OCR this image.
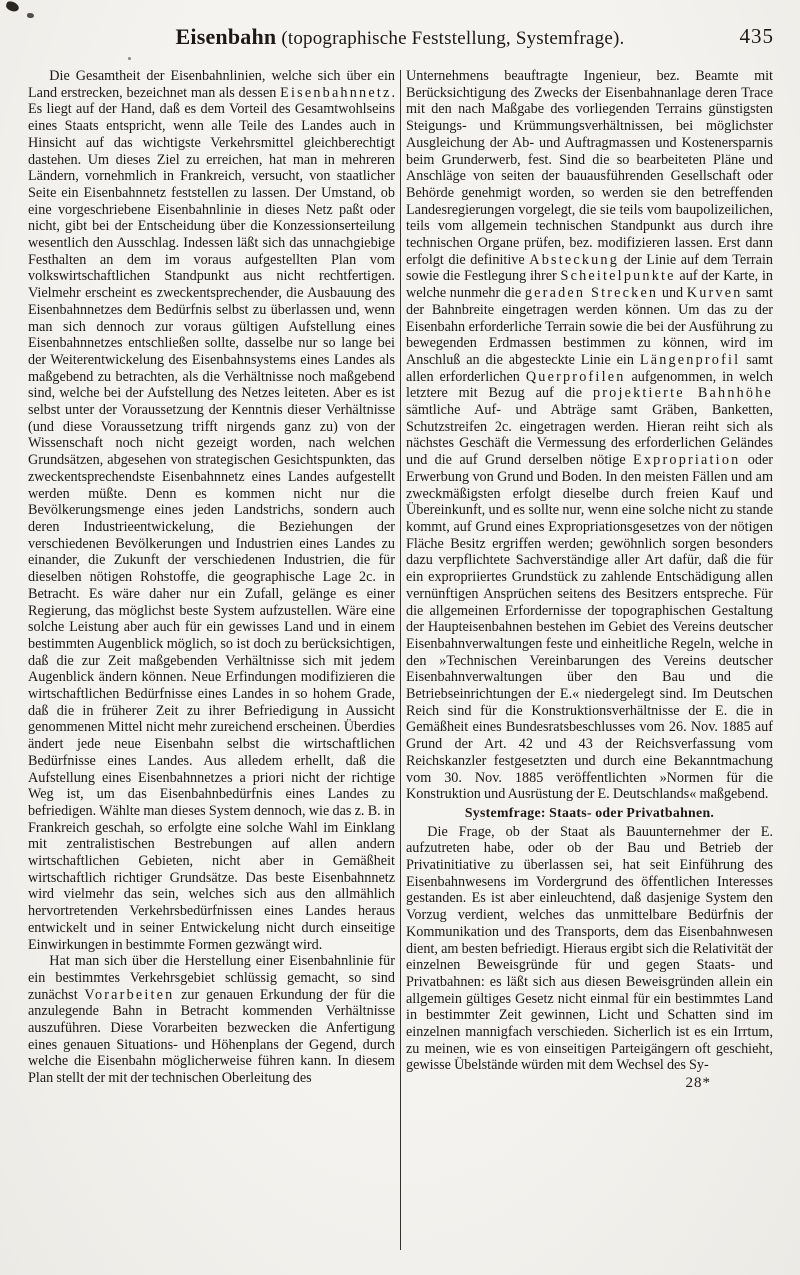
Eisenbahn (topographische Feststellung, Systemfrage).	435

Die Gesamtheit der Eisenbahnlinien, welche sich über ein Land erstrecken, bezeichnet man als dessen Eisenbahnnetz. Es liegt auf der Hand, daß es dem Vorteil des Gesamtwohlseins eines Staats entspricht, wenn alle Teile des Landes auch in Hinsicht auf das wichtigste Verkehrsmittel gleichberechtigt dastehen. Um dieses Ziel zu erreichen, hat man in mehreren Ländern, vornehmlich in Frankreich, versucht, von staatlicher Seite ein Eisenbahnnetz feststellen zu lassen. Der Umstand, ob eine vorgeschriebene Eisenbahnlinie in dieses Netz paßt oder nicht, gibt bei der Entscheidung über die Konzessionserteilung wesentlich den Ausschlag. Indessen läßt sich das unnachgiebige Festhalten an dem im voraus aufgestellten Plan vom volkswirtschaftlichen Standpunkt aus nicht rechtfertigen. Vielmehr erscheint es zweckentsprechender, die Ausbauung des Eisenbahnnetzes dem Bedürfnis selbst zu überlassen und, wenn man sich dennoch zur voraus gültigen Aufstellung eines Eisenbahnnetzes entschließen sollte, dasselbe nur so lange bei der Weiterentwickelung des Eisenbahnsystems eines Landes als maßgebend zu betrachten, als die Verhältnisse noch maßgebend sind, welche bei der Aufstellung des Netzes leiteten. Aber es ist selbst unter der Voraussetzung der Kenntnis dieser Verhältnisse (und diese Voraussetzung trifft nirgends ganz zu) von der Wissenschaft noch nicht gezeigt worden, nach welchen Grundsätzen, abgesehen von strategischen Gesichtspunkten, das zweckentsprechendste Eisenbahnnetz eines Landes aufgestellt werden müßte. Denn es kommen nicht nur die Bevölkerungsmenge eines jeden Landstrichs, sondern auch deren Industrieentwickelung, die Beziehungen der verschiedenen Bevölkerungen und Industrien eines Landes zu einander, die Zukunft der verschiedenen Industrien, die für dieselben nötigen Rohstoffe, die geographische Lage 2c. in Betracht. Es wäre daher nur ein Zufall, gelänge es einer Regierung, das möglichst beste System aufzustellen. Wäre eine solche Leistung aber auch für ein gewisses Land und in einem bestimmten Augenblick möglich, so ist doch zu berücksichtigen, daß die zur Zeit maßgebenden Verhältnisse sich mit jedem Augenblick ändern können. Neue Erfindungen modifizieren die wirtschaftlichen Bedürfnisse eines Landes in so hohem Grade, daß die in früherer Zeit zu ihrer Befriedigung in Aussicht genommenen Mittel nicht mehr zureichend erscheinen. Überdies ändert jede neue Eisenbahn selbst die wirtschaftlichen Bedürfnisse eines Landes. Aus alledem erhellt, daß die Aufstellung eines Eisenbahnnetzes a priori nicht der richtige Weg ist, um das Eisenbahnbedürfnis eines Landes zu befriedigen. Wählte man dieses System dennoch, wie das z. B. in Frankreich geschah, so erfolgte eine solche Wahl im Einklang mit zentralistischen Bestrebungen auf allen andern wirtschaftlichen Gebieten, nicht aber in Gemäßheit wirtschaftlich richtiger Grundsätze. Das beste Eisenbahnnetz wird vielmehr das sein, welches sich aus den allmählich hervortretenden Verkehrsbedürfnissen eines Landes heraus entwickelt und in seiner Entwickelung nicht durch einseitige Einwirkungen in bestimmte Formen gezwängt wird.

Hat man sich über die Herstellung einer Eisenbahnlinie für ein bestimmtes Verkehrsgebiet schlüssig gemacht, so sind zunächst Vorarbeiten zur genauen Erkundung der für die anzulegende Bahn in Betracht kommenden Verhältnisse auszuführen. Diese Vorarbeiten bezwecken die Anfertigung eines genauen Situations- und Höhenplans der Gegend, durch welche die Eisenbahn möglicherweise führen kann. In diesem Plan stellt der mit der technischen Oberleitung des

Unternehmens beauftragte Ingenieur, bez. Beamte mit Berücksichtigung des Zwecks der Eisenbahnanlage deren Trace mit den nach Maßgabe des vorliegenden Terrains günstigsten Steigungs- und Krümmungsverhältnissen, bei möglichster Ausgleichung der Ab- und Auftragmassen und Kostenersparnis beim Grunderwerb, fest. Sind die so bearbeiteten Pläne und Anschläge von seiten der bauausführenden Gesellschaft oder Behörde genehmigt worden, so werden sie den betreffenden Landesregierungen vorgelegt, die sie teils vom baupolizeilichen, teils vom allgemein technischen Standpunkt aus durch ihre technischen Organe prüfen, bez. modifizieren lassen. Erst dann erfolgt die definitive Absteckung der Linie auf dem Terrain sowie die Festlegung ihrer Scheitelpunkte auf der Karte, in welche nunmehr die geraden Strecken und Kurven samt der Bahnbreite eingetragen werden können. Um das zu der Eisenbahn erforderliche Terrain sowie die bei der Ausführung zu bewegenden Erdmassen bestimmen zu können, wird im Anschluß an die abgesteckte Linie ein Längenprofil samt allen erforderlichen Querprofilen aufgenommen, in welch letztere mit Bezug auf die projektierte Bahnhöhe sämtliche Auf- und Abträge samt Gräben, Banketten, Schutzstreifen 2c. eingetragen werden. Hieran reiht sich als nächstes Geschäft die Vermessung des erforderlichen Geländes und die auf Grund derselben nötige Expropriation oder Erwerbung von Grund und Boden. In den meisten Fällen und am zweckmäßigsten erfolgt dieselbe durch freien Kauf und Übereinkunft, und es sollte nur, wenn eine solche nicht zu stande kommt, auf Grund eines Expropriationsgesetzes von der nötigen Fläche Besitz ergriffen werden; gewöhnlich sorgen besonders dazu verpflichtete Sachverständige aller Art dafür, daß die für ein expropriiertes Grundstück zu zahlende Entschädigung allen vernünftigen Ansprüchen seitens des Besitzers entspreche. Für die allgemeinen Erfordernisse der topographischen Gestaltung der Haupteisenbahnen bestehen im Gebiet des Vereins deutscher Eisenbahnverwaltungen feste und einheitliche Regeln, welche in den »Technischen Vereinbarungen des Vereins deutscher Eisenbahnverwaltungen über den Bau und die Betriebseinrichtungen der E.« niedergelegt sind. Im Deutschen Reich sind für die Konstruktionsverhältnisse der E. die in Gemäßheit eines Bundesratsbeschlusses vom 26. Nov. 1885 auf Grund der Art. 42 und 43 der Reichsverfassung vom Reichskanzler festgesetzten und durch eine Bekanntmachung vom 30. Nov. 1885 veröffentlichten »Normen für die Konstruktion und Ausrüstung der E. Deutschlands« maßgebend.

Systemfrage: Staats- oder Privatbahnen.

Die Frage, ob der Staat als Bauunternehmer der E. aufzutreten habe, oder ob der Bau und Betrieb der Privatinitiative zu überlassen sei, hat seit Einführung des Eisenbahnwesens im Vordergrund des öffentlichen Interesses gestanden. Es ist aber einleuchtend, daß dasjenige System den Vorzug verdient, welches das unmittelbare Bedürfnis der Kommunikation und des Transports, dem das Eisenbahnwesen dient, am besten befriedigt. Hieraus ergibt sich die Relativität der einzelnen Beweisgründe für und gegen Staats- und Privatbahnen: es läßt sich aus diesen Beweisgründen allein ein allgemein gültiges Gesetz nicht einmal für ein bestimmtes Land in bestimmter Zeit gewinnen, Licht und Schatten sind im einzelnen mannigfach verschieden. Sicherlich ist es ein Irrtum, zu meinen, wie es von einseitigen Parteigängern oft geschieht, gewisse Übelstände würden mit dem Wechsel des Sy-

28*
